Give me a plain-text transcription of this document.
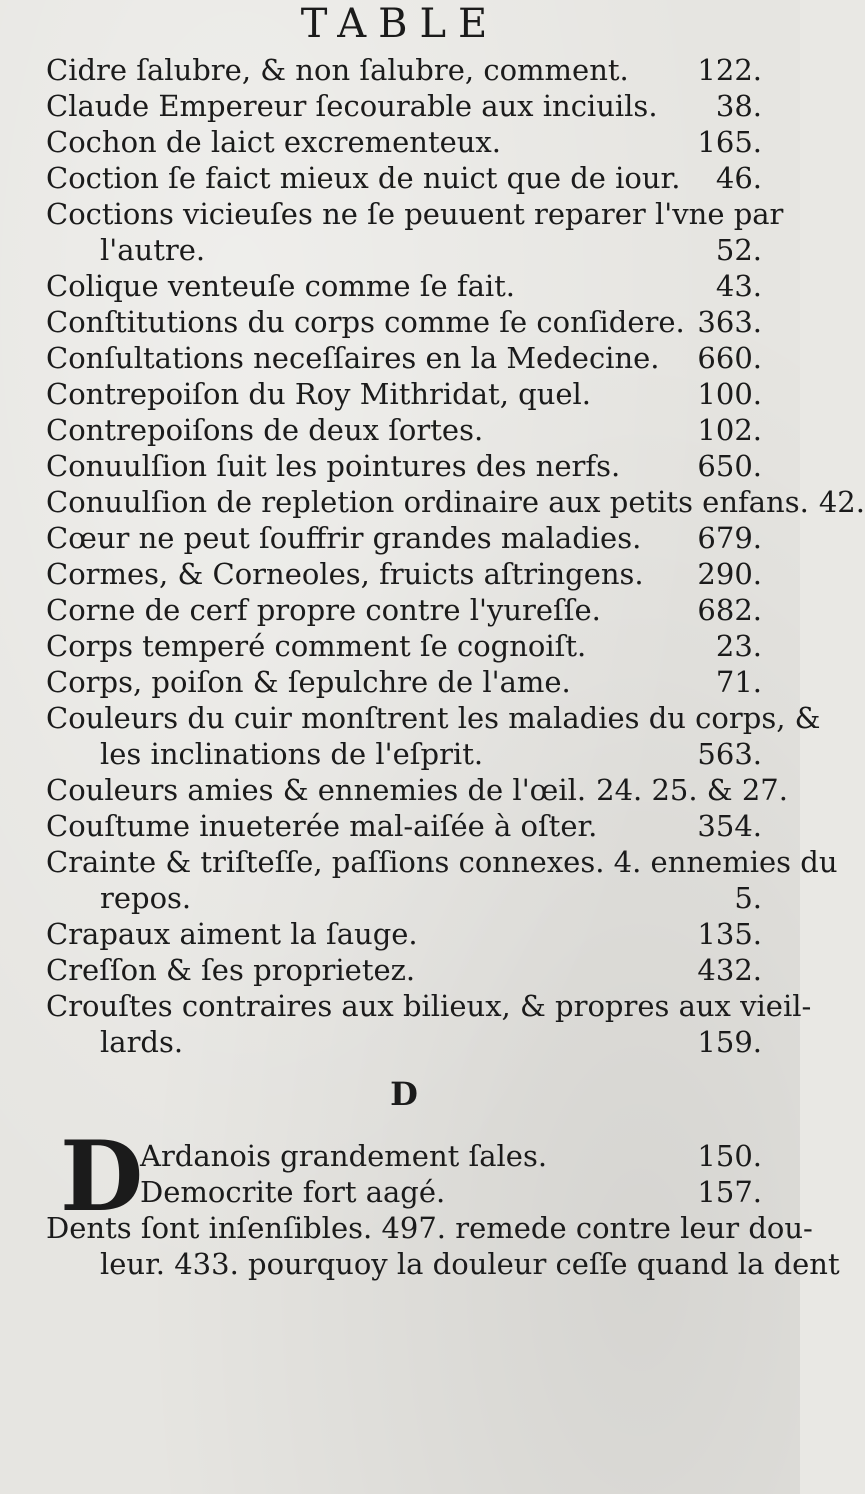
TABLE
Cidre ſalubre, & non ſalubre, comment.	122.
Claude Empereur ſecourable aux inciuils.	38.
Cochon de laict excrementeux.	165.
Coction ſe faict mieux de nuict que de iour.	46.
Coctions vicieuſes ne ſe peuuent reparer l'vne par
l'autre.	52.
Colique venteuſe comme ſe fait.	43.
Conſtitutions du corps comme ſe conſidere. 363.
Conſultations neceſſaires en la Medecine.	660.
Contrepoiſon du Roy Mithridat, quel.	100.
Contrepoiſons de deux ſortes.	102.
Conuulſion ſuit les pointures des nerfs.	650.
Conuulſion de repletion ordinaire aux petits enfans. 42.
Cœur ne peut ſouffrir grandes maladies.	679.
Cormes, & Corneoles, fruicts aſtringens.	290.
Corne de cerf propre contre l'yureſſe.	682.
Corps temperé comment ſe cognoiſt.	23.
Corps, poiſon & ſepulchre de l'ame.	71.
Couleurs du cuir monſtrent les maladies du corps, &
les inclinations de l'eſprit.	563.
Couleurs amies & ennemies de l'œil. 24. 25. & 27.
Couſtume inueterée mal-aiſée à oſter.	354.
Crainte & triſteſſe, paſſions connexes. 4. ennemies du
repos.	5.
Crapaux aiment la ſauge.	135.
Creſſon & ſes proprietez.	432.
Crouſtes contraires aux bilieux, & propres aux vieil-
lards.	159.
D
D
Ardanois grandement ſales.	150.
Democrite fort aagé.	157.
Dents ſont inſenſibles. 497. remede contre leur dou-
leur. 433. pourquoy la douleur ceſſe quand la dent
